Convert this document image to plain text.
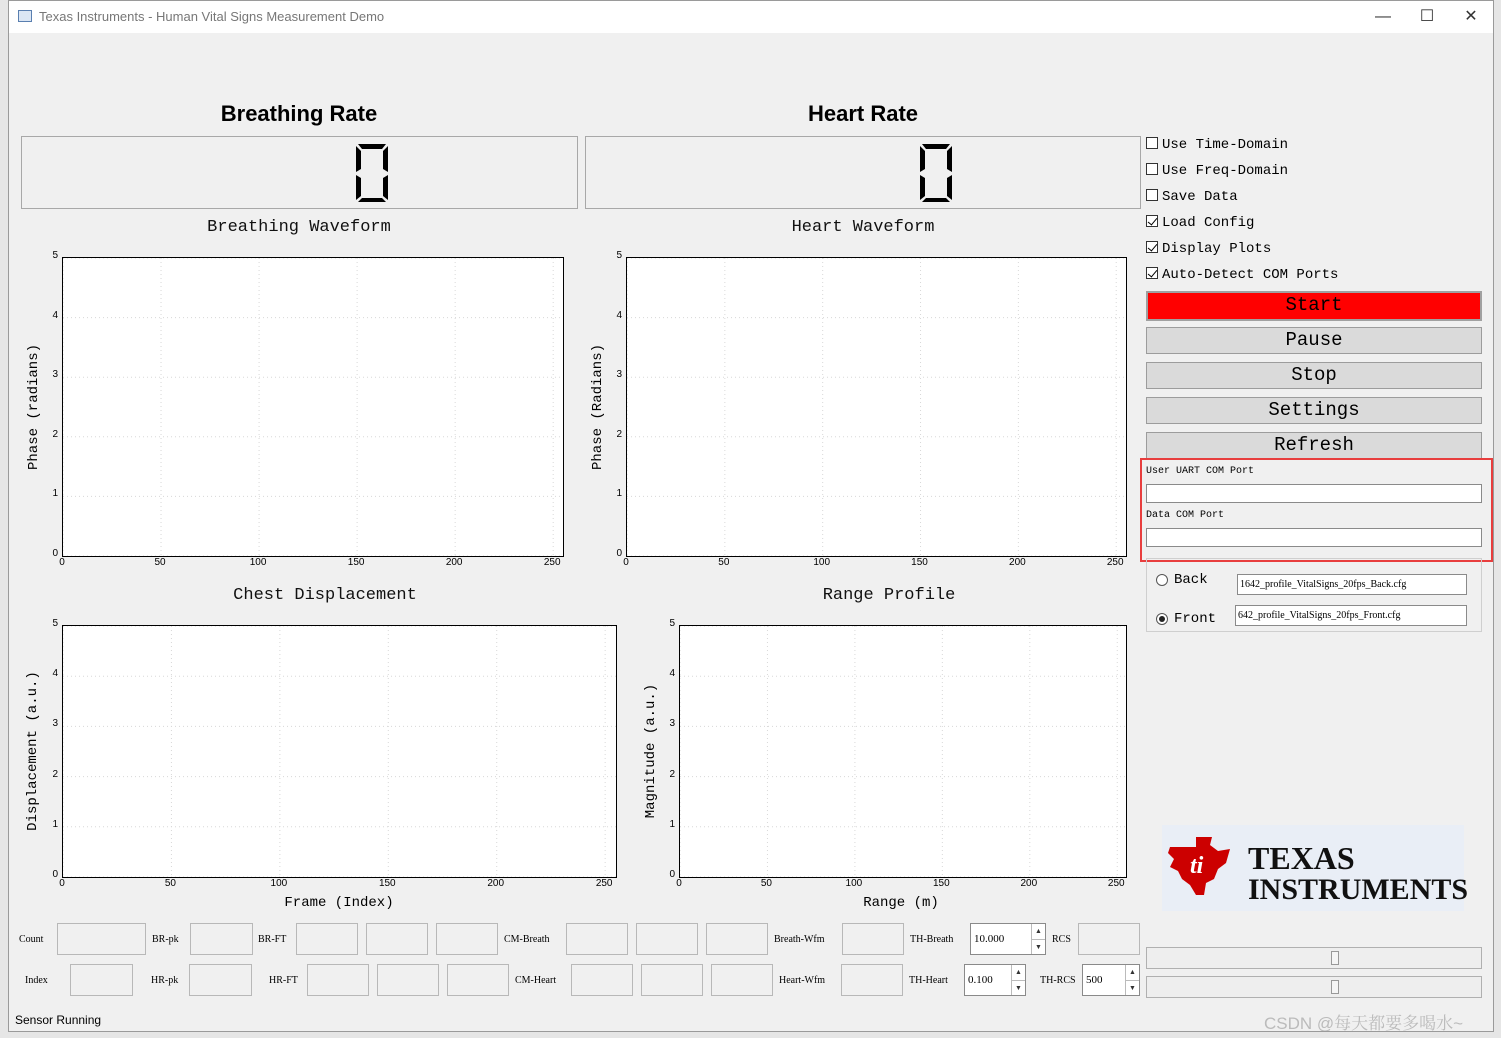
Texas Instruments - Human Vital Signs Measurement Demo	—	☐	✕
Breathing Rate	Heart Rate
Breathing Waveform	Heart Waveform
Chest Displacement	Range Profile
Phase (radians)	Phase (Radians)
Displacement (a.u.)	Magnitude (a.u.)
Frame (Index)	Range (m)
Use Time-Domain
Use Freq-Domain
Save Data
Load Config
Display Plots
Auto-Detect COM Ports
Start
Pause
Stop
Settings
Refresh
User UART COM Port
Data COM Port
Back	1642_profile_VitalSigns_20fps_Back.cfg
Front	642_profile_VitalSigns_20fps_Front.cfg
ti TEXAS
INSTRUMENTS
Count	BR-pk	BR-FT	CM-Breath	Breath-Wfm	TH-Breath	10.000
▲
▼
RCS
Index	HR-pk	HR-FT	CM-Heart	Heart-Wfm	TH-Heart	0.100
▲
▼
TH-RCS 500
▲
▼
Sensor Running	CSDN @每天都要多喝水~
0	50	100	150	200	250
0
1
2
3
4
5
0	50	100	150	200	250
0
1
2
3
4
5
0	50	100	150	200	250
0
1
2
3
4
5
0	50	100	150	200	250
0
1
2
3
4
5
